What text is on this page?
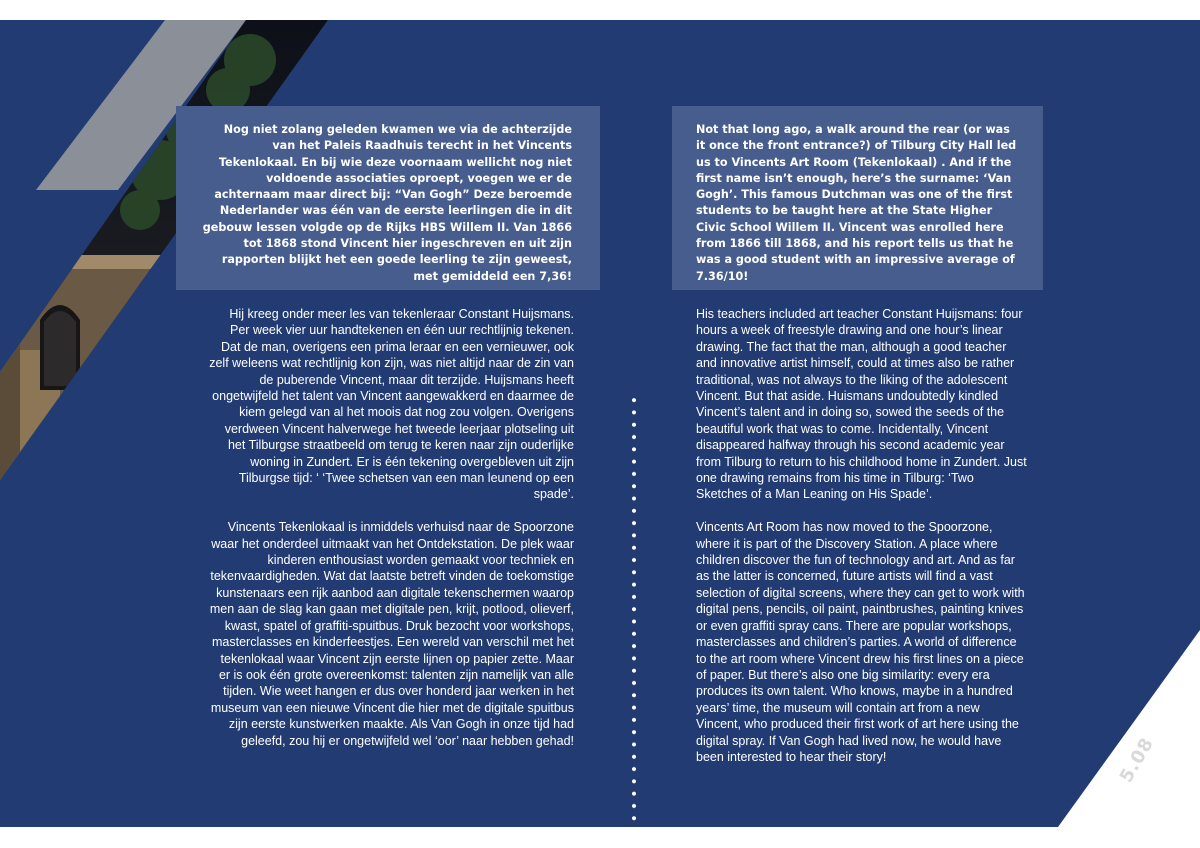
Nog niet zolang geleden kwamen we via de achterzijde van het Paleis Raadhuis terecht in het Vincents Tekenlokaal. En bij wie deze voornaam wellicht nog niet voldoende associaties oproept, voegen we er de achternaam maar direct bij: “Van Gogh” Deze beroemde Nederlander was één van de eerste leerlingen die in dit gebouw lessen volgde op de Rijks HBS Willem II. Van 1866 tot 1868 stond Vincent hier ingeschreven en uit zijn rapporten blijkt het een goede leerling te zijn geweest, met gemiddeld een 7,36!
Not that long ago, a walk around the rear (or was it once the front entrance?) of Tilburg City Hall led us to Vincents Art Room (Tekenlokaal) . And if the first name isn’t enough, here’s the surname: ‘Van Gogh’. This famous Dutchman was one of the first students to be taught here at the State Higher Civic School Willem II. Vincent was enrolled here from 1866 till 1868, and his report tells us that he was a good student with an impressive average of 7.36/10!

Hij kreeg onder meer les van tekenleraar Constant Huijsmans. Per week vier uur handtekenen en één uur rechtlijnig tekenen. Dat de man, overigens een prima leraar en een vernieuwer, ook zelf weleens wat rechtlijnig kon zijn, was niet altijd naar de zin van de puberende Vincent, maar dit terzijde. Huijsmans heeft ongetwijfeld het talent van Vincent aangewakkerd en daarmee de kiem gelegd van al het moois dat nog zou volgen. Overigens verdween Vincent halverwege het tweede leerjaar plotseling uit het Tilburgse straatbeeld om terug te keren naar zijn ouderlijke woning in Zundert. Er is één tekening overgebleven uit zijn Tilburgse tijd: ‘ ‘Twee schetsen van een man leunend op een spade’.

Vincents Tekenlokaal is inmiddels verhuisd naar de Spoorzone waar het onderdeel uitmaakt van het Ontdekstation. De plek waar kinderen enthousiast worden gemaakt voor techniek en tekenvaardigheden. Wat dat laatste betreft vinden de toekomstige kunstenaars een rijk aanbod aan digitale tekenschermen waarop men aan de slag kan gaan met digitale pen, krijt, potlood, olieverf, kwast, spatel of graffiti-spuitbus. Druk bezocht voor workshops, masterclasses en kinderfeestjes. Een wereld van verschil met het tekenlokaal waar Vincent zijn eerste lijnen op papier zette. Maar er is ook één grote overeenkomst: talenten zijn namelijk van alle tijden. Wie weet hangen er dus over honderd jaar werken in het museum van een nieuwe Vincent die hier met de digitale spuitbus zijn eerste kunstwerken maakte. Als Van Gogh in onze tijd had geleefd, zou hij er ongetwijfeld wel ‘oor’ naar hebben gehad!

His teachers included art teacher Constant Huijsmans: four hours a week of freestyle drawing and one hour’s linear drawing. The fact that the man, although a good teacher and innovative artist himself, could at times also be rather traditional, was not always to the liking of the adolescent Vincent. But that aside. Huismans undoubtedly kindled Vincent’s talent and in doing so, sowed the seeds of the beautiful work that was to come. Incidentally, Vincent disappeared halfway through his second academic year from Tilburg to return to his childhood home in Zundert. Just one drawing remains from his time in Tilburg: ‘Two Sketches of a Man Leaning on His Spade’.

Vincents Art Room has now moved to the Spoorzone, where it is part of the Discovery Station. A place where children discover the fun of technology and art. And as far as the latter is concerned, future artists will find a vast selection of digital screens, where they can get to work with digital pens, pencils, oil paint, paintbrushes, painting knives or even graffiti spray cans. There are popular workshops, masterclasses and children’s parties. A world of difference to the art room where Vincent drew his first lines on a piece of paper. But there’s also one big similarity: every era produces its own talent. Who knows, maybe in a hundred years’ time, the museum will contain art from a new Vincent, who produced their first work of art here using the digital spray. If Van Gogh had lived now, he would have been interested to hear their story!	5.08
